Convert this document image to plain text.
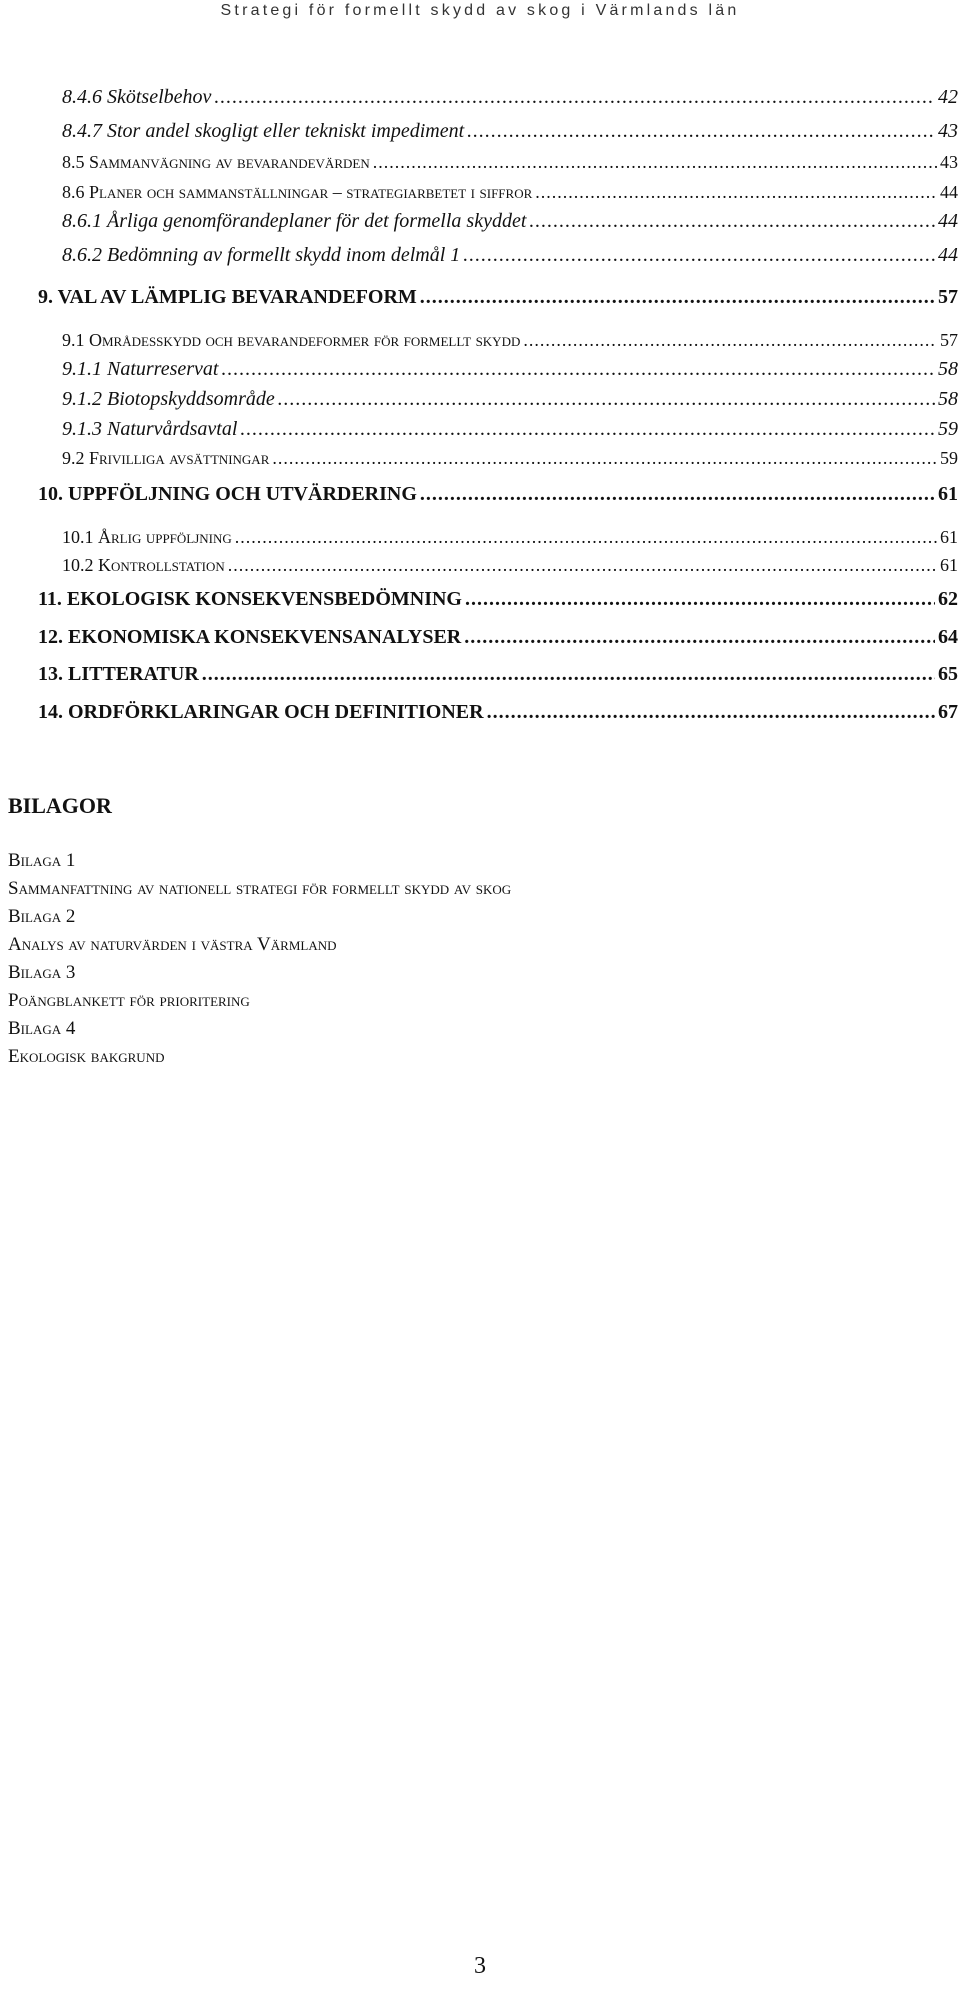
Strategi för formellt skydd av skog i Värmlands län
8.4.6 Skötselbehov .....	42
8.4.7 Stor andel skogligt eller tekniskt impediment .....	43
8.5 Sammanvägning av bevarandevärden .....	43
8.6 Planer och sammanställningar – strategiarbetet i siffror .....	44
8.6.1 Årliga genomförandeplaner för det formella skyddet .....	44
8.6.2 Bedömning av formellt skydd inom delmål 1 .....	44
9. VAL AV LÄMPLIG BEVARANDEFORM .....	57
9.1 Områdesskydd och bevarandeformer för formellt skydd .....	57
9.1.1 Naturreservat .....	58
9.1.2 Biotopskyddsområde .....	58
9.1.3 Naturvårdsavtal .....	59
9.2 Frivilliga avsättningar .....	59
10. UPPFÖLJNING OCH UTVÄRDERING .....	61
10.1 Årlig uppföljning .....	61
10.2 Kontrollstation .....	61
11. EKOLOGISK KONSEKVENSBEDÖMNING .....	62
12. EKONOMISKA KONSEKVENSANALYSER .....	64
13. LITTERATUR .....	65
14. ORDFÖRKLARINGAR OCH DEFINITIONER .....	67
BILAGOR
Bilaga 1
Sammanfattning av nationell strategi för formellt skydd av skog
Bilaga 2
Analys av naturvärden i västra Värmland
Bilaga 3
Poängblankett för prioritering
Bilaga 4
Ekologisk bakgrund
3
